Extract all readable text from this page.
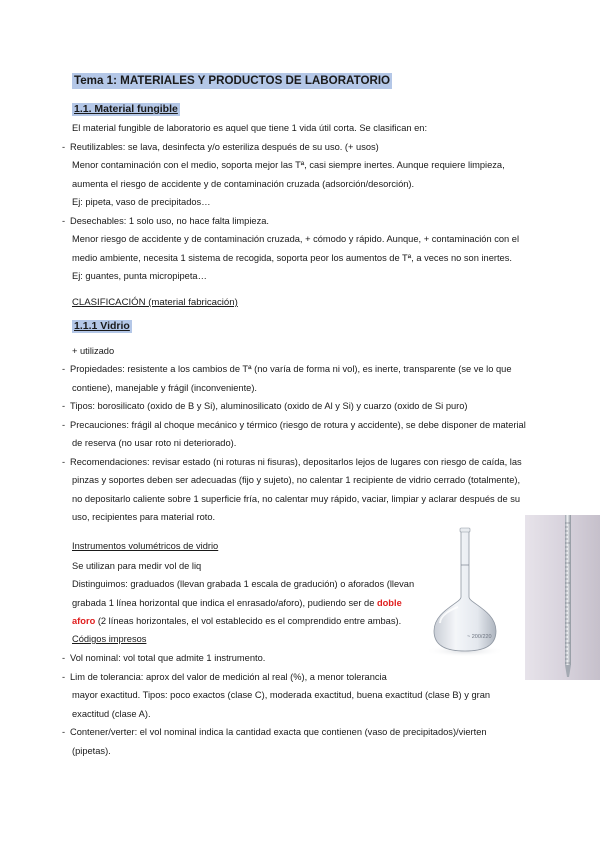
Tema 1: MATERIALES Y PRODUCTOS DE LABORATORIO
1.1. Material fungible
El material fungible de laboratorio es aquel que tiene 1 vida útil corta. Se clasifican en:
- Reutilizables: se lava, desinfecta y/o esteriliza después de su uso. (+ usos)
Menor contaminación con el medio, soporta mejor las Tª, casi siempre inertes. Aunque requiere limpieza,
aumenta el riesgo de accidente y de contaminación cruzada (adsorción/desorción).
Ej: pipeta, vaso de precipitados…
- Desechables: 1 solo uso, no hace falta limpieza.
Menor riesgo de accidente y de contaminación cruzada, + cómodo y rápido. Aunque, + contaminación con el
medio ambiente, necesita 1 sistema de recogida, soporta peor los aumentos de Tª, a veces no son inertes.
Ej: guantes, punta micropipeta…
CLASIFICACIÓN (material fabricación)
1.1.1 Vidrio
+ utilizado
- Propiedades: resistente a los cambios de Tª (no varía de forma ni vol), es inerte, transparente (se ve lo que
contiene), manejable y frágil (inconveniente).
- Tipos: borosilicato (oxido de B y Si), aluminosilicato (oxido de Al y Si) y cuarzo (oxido de Si puro)
- Precauciones: frágil al choque mecánico y térmico (riesgo de rotura y accidente), se debe disponer de material
de reserva (no usar roto ni deteriorado).
- Recomendaciones: revisar estado (ni roturas ni fisuras), depositarlos lejos de lugares con riesgo de caída, las
pinzas y soportes deben ser adecuadas (fijo y sujeto), no calentar 1 recipiente de vidrio cerrado (totalmente),
no depositarlo caliente sobre 1 superficie fría, no calentar muy rápido, vaciar, limpiar y aclarar después de su
uso, recipientes para material roto.
Instrumentos volumétricos de vidrio
Se utilizan para medir vol de liq
Distinguimos: graduados (llevan grabada 1 escala de gradución) o aforados (llevan
grabada 1 línea horizontal que indica el enrasado/aforo), pudiendo ser de doble
aforo (2 líneas horizontales, el vol establecido es el comprendido entre ambas).
Códigos impresos
- Vol nominal: vol total que admite 1 instrumento.
- Lim de tolerancia: aprox del valor de medición al real (%), a menor tolerancia
mayor exactitud. Tipos: poco exactos (clase C), moderada exactitud, buena exactitud (clase B) y gran
exactitud (clase A).
- Contener/verter: el vol nominal indica la cantidad exacta que contienen (vaso de precipitados)/vierten
(pipetas).
~ 200/220
